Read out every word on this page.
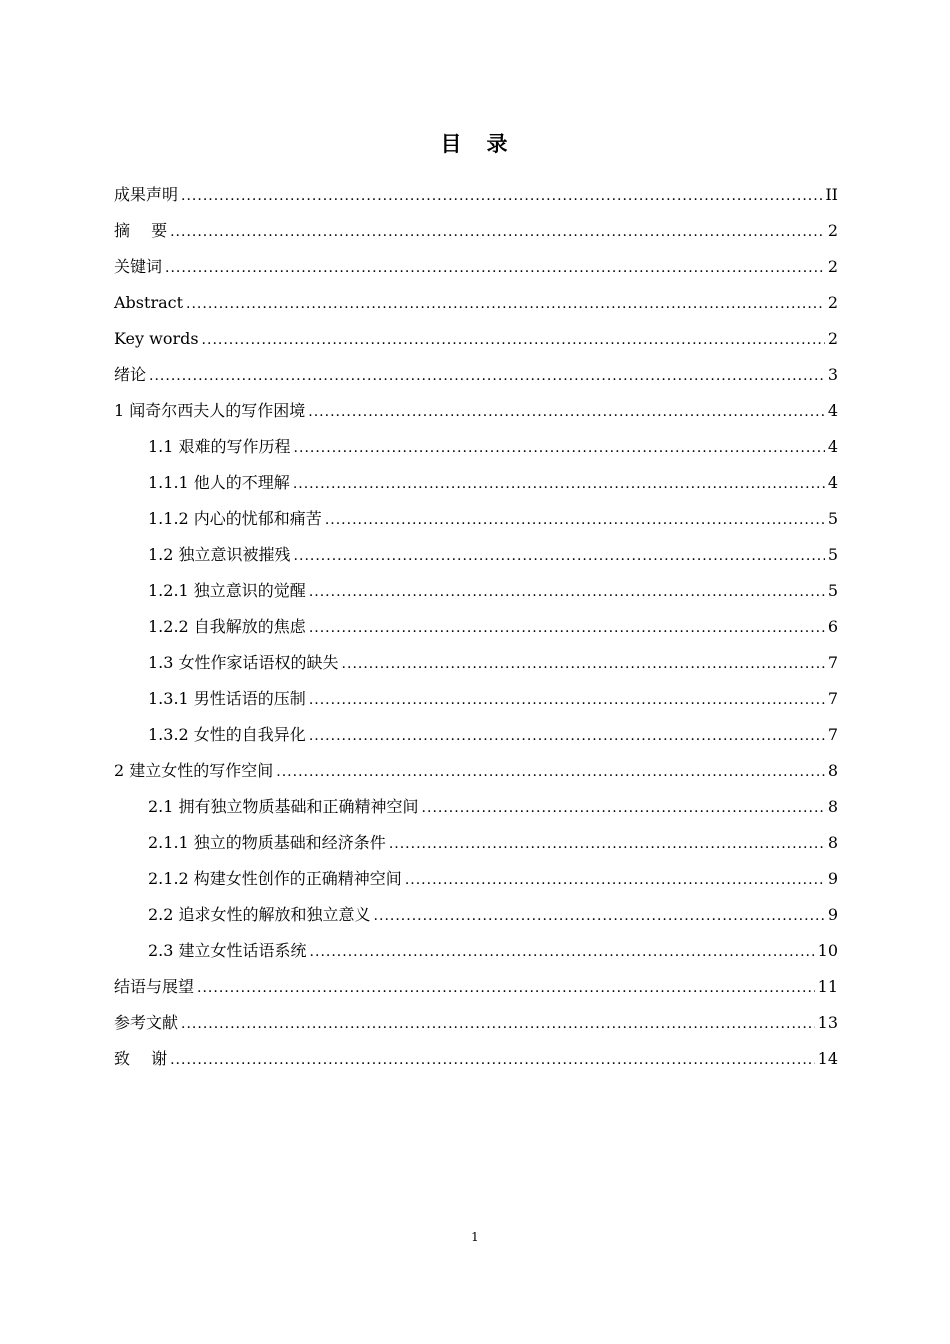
目　录
成果声明 .....	II
摘　 要 .....	2
关键词 .....	2
Abstract .....	2
Key words .....	2
绪论 .....	3
1 闻奇尔西夫人的写作困境 .....	4
1.1 艰难的写作历程 .....	4
1.1.1 他人的不理解 .....	4
1.1.2 内心的忧郁和痛苦 .....	5
1.2 独立意识被摧残 .....	5
1.2.1 独立意识的觉醒 .....	5
1.2.2 自我解放的焦虑 .....	6
1.3 女性作家话语权的缺失 .....	7
1.3.1 男性话语的压制 .....	7
1.3.2 女性的自我异化 .....	7
2 建立女性的写作空间 .....	8
2.1 拥有独立物质基础和正确精神空间 .....	8
2.1.1 独立的物质基础和经济条件 .....	8
2.1.2 构建女性创作的正确精神空间 .....	9
2.2 追求女性的解放和独立意义 .....	9
2.3 建立女性话语系统 .....	10
结语与展望 .....	11
参考文献 .....	13
致　 谢 .....	14
1
